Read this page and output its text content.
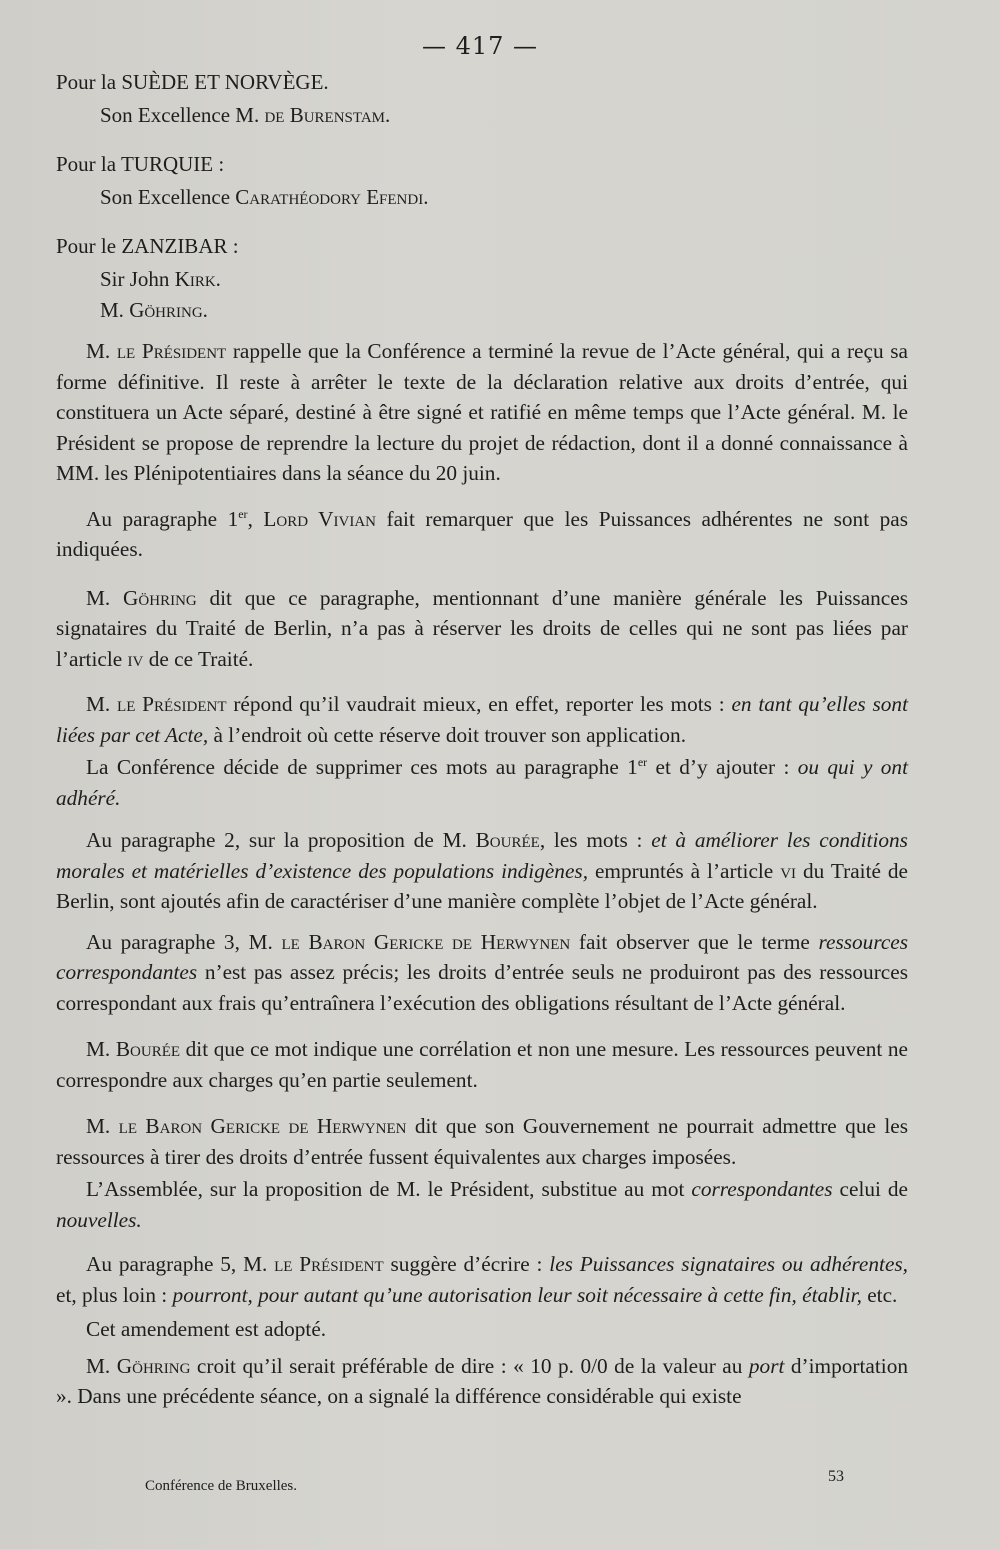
— 417 —
Pour la SUÈDE ET NORVÈGE.
Son Excellence M. de Burenstam.
Pour la TURQUIE :
Son Excellence Carathéodory Efendi.
Pour le ZANZIBAR :
Sir John Kirk.
M. Göhring.

M. le Président rappelle que la Conférence a terminé la revue de l’Acte général, qui a reçu sa forme définitive. Il reste à arrêter le texte de la déclaration relative aux droits d’entrée, qui constituera un Acte séparé, destiné à être signé et ratifié en même temps que l’Acte général. M. le Président se propose de reprendre la lecture du projet de rédaction, dont il a donné connaissance à MM. les Plénipotentiaires dans la séance du 20 juin.

Au paragraphe 1er, Lord Vivian fait remarquer que les Puissances adhérentes ne sont pas indiquées.

M. Göhring dit que ce paragraphe, mentionnant d’une manière générale les Puissances signataires du Traité de Berlin, n’a pas à réserver les droits de celles qui ne sont pas liées par l’article iv de ce Traité.

M. le Président répond qu’il vaudrait mieux, en effet, reporter les mots : en tant qu’elles sont liées par cet Acte, à l’endroit où cette réserve doit trouver son application.

La Conférence décide de supprimer ces mots au paragraphe 1er et d’y ajouter : ou qui y ont adhéré.

Au paragraphe 2, sur la proposition de M. Bourée, les mots : et à améliorer les conditions morales et matérielles d’existence des populations indigènes, empruntés à l’article vi du Traité de Berlin, sont ajoutés afin de caractériser d’une manière complète l’objet de l’Acte général.

Au paragraphe 3, M. le Baron Gericke de Herwynen fait observer que le terme ressources correspondantes n’est pas assez précis; les droits d’entrée seuls ne produiront pas des ressources correspondant aux frais qu’entraînera l’exécution des obligations résultant de l’Acte général.

M. Bourée dit que ce mot indique une corrélation et non une mesure. Les ressources peuvent ne correspondre aux charges qu’en partie seulement.

M. le Baron Gericke de Herwynen dit que son Gouvernement ne pourrait admettre que les ressources à tirer des droits d’entrée fussent équivalentes aux charges imposées.

L’Assemblée, sur la proposition de M. le Président, substitue au mot correspondantes celui de nouvelles.

Au paragraphe 5, M. le Président suggère d’écrire : les Puissances signataires ou adhérentes, et, plus loin : pourront, pour autant qu’une autorisation leur soit nécessaire à cette fin, établir, etc.

Cet amendement est adopté.

M. Göhring croit qu’il serait préférable de dire : « 10 p. 0/0 de la valeur au port d’importation ». Dans une précédente séance, on a signalé la différence considérable qui existe

Conférence de Bruxelles.
53
